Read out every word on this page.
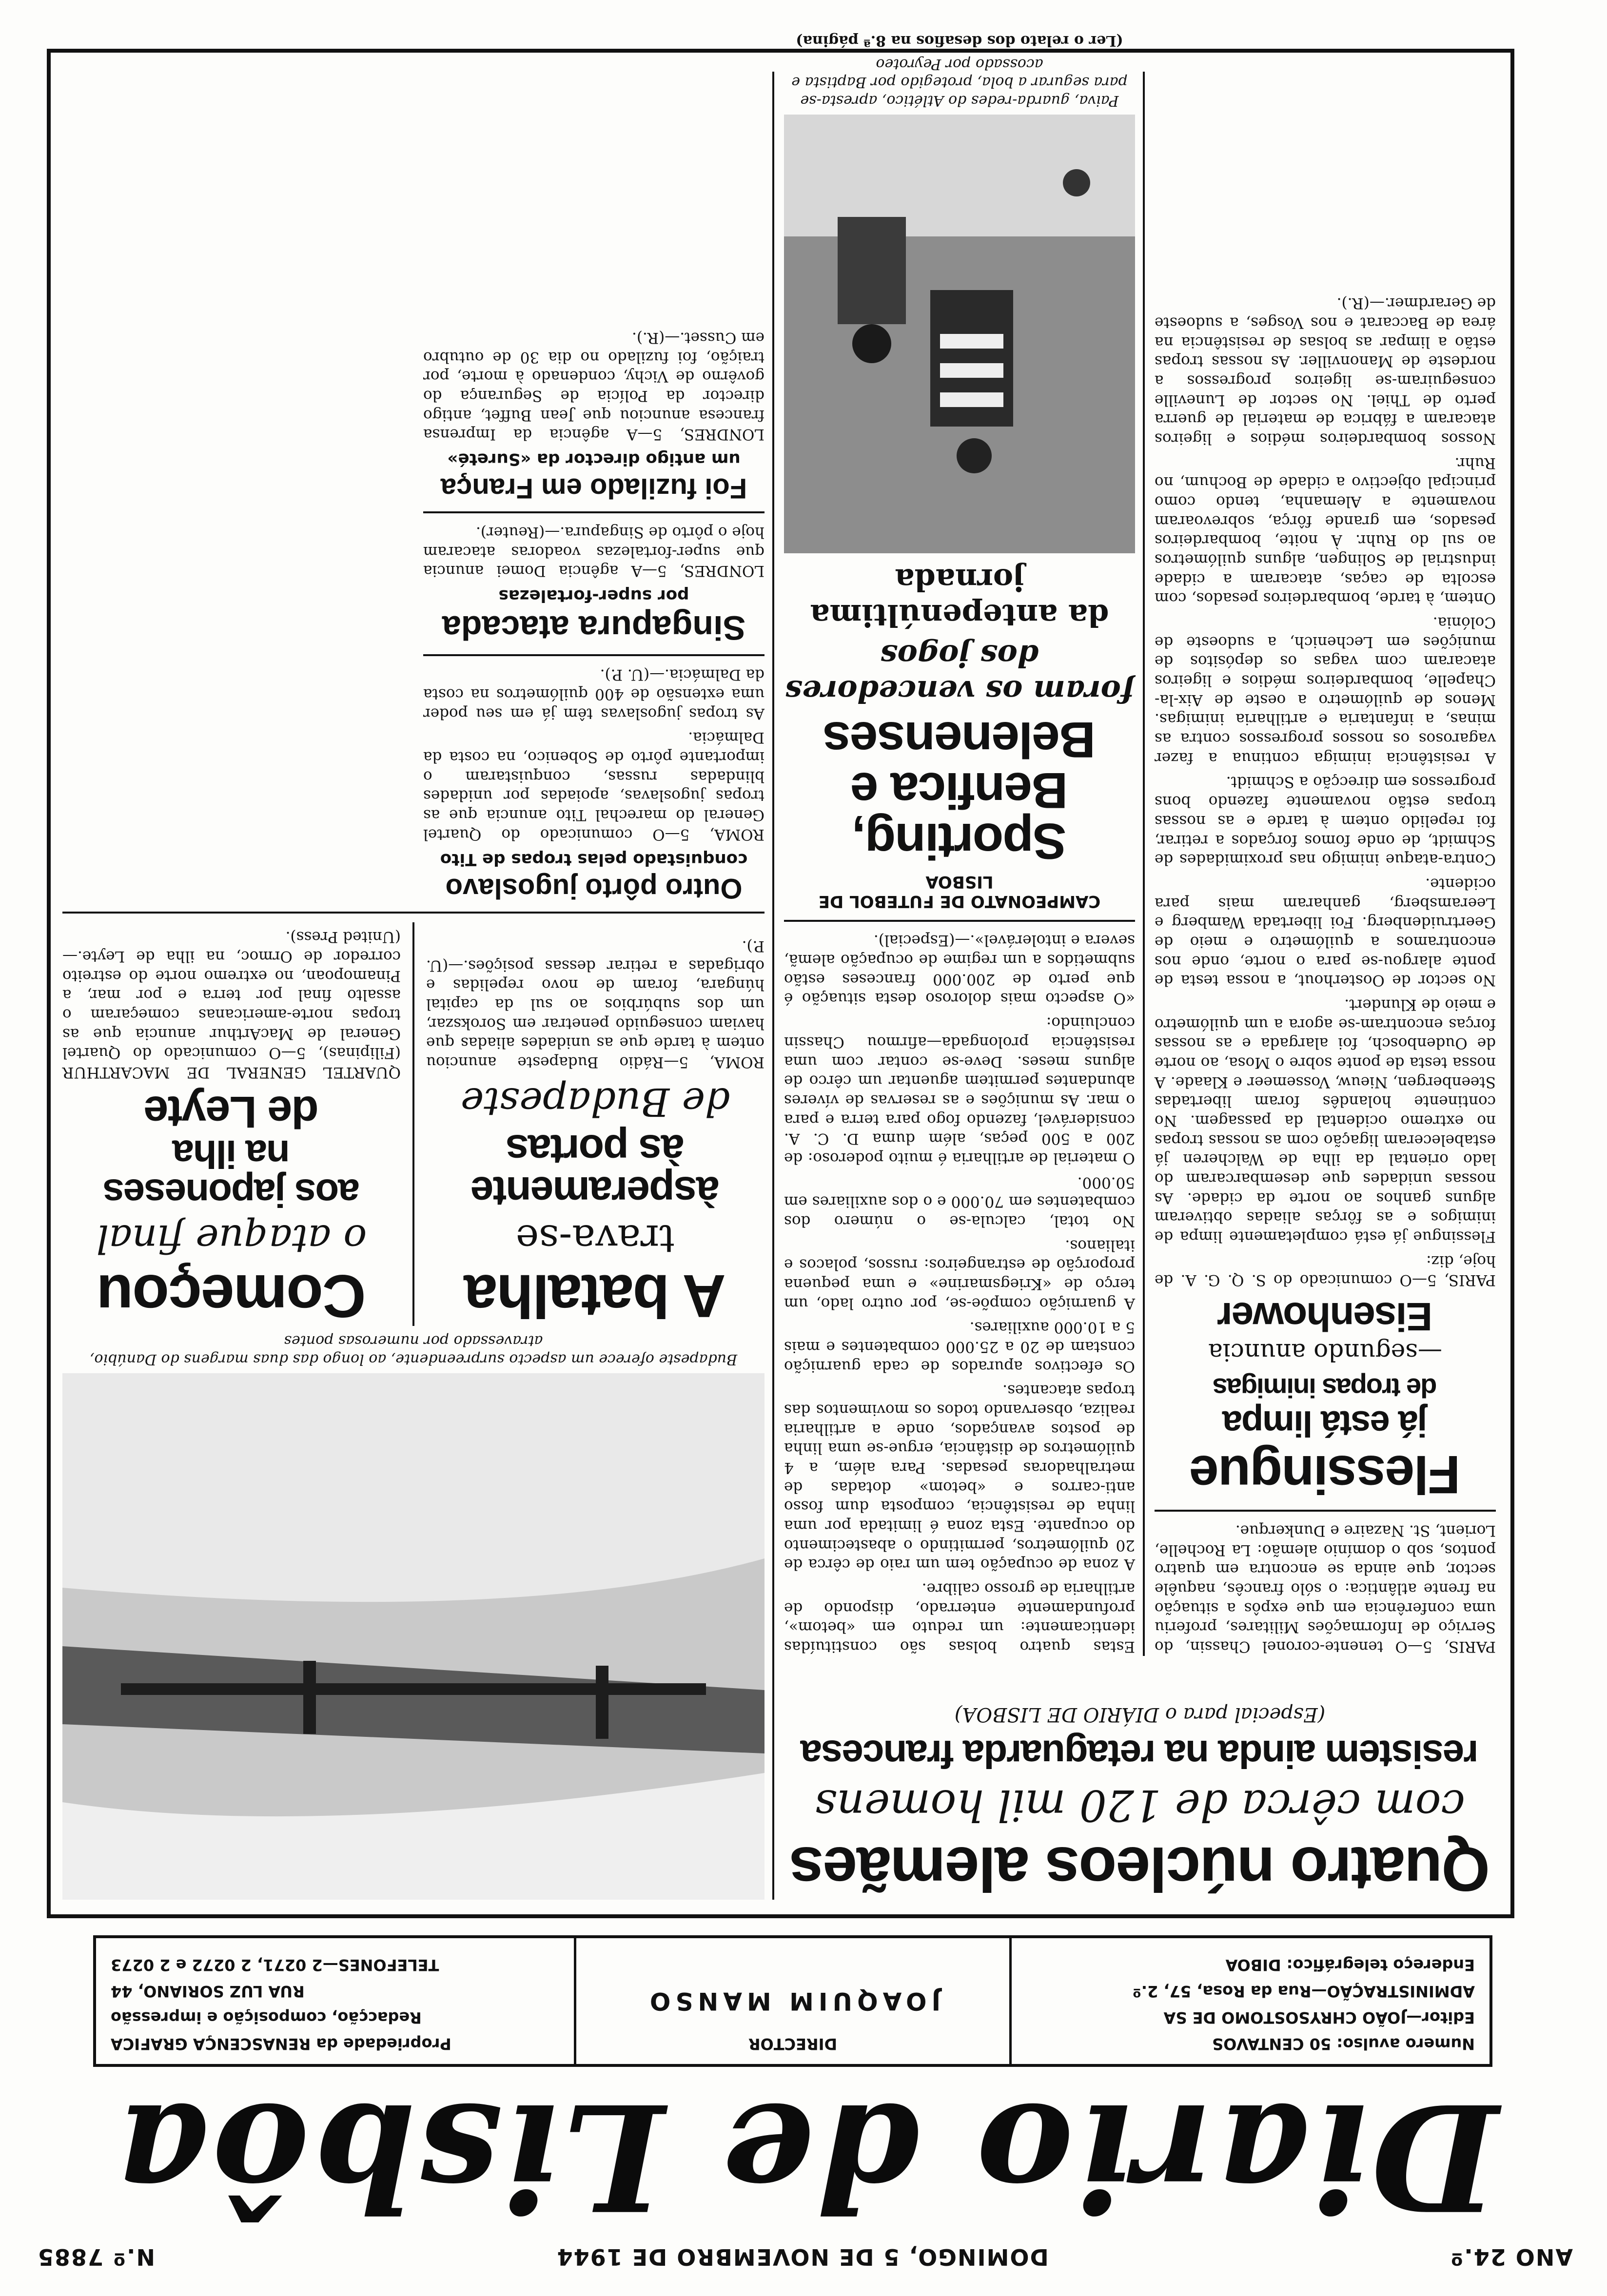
ANO 24.º
DOMINGO, 5 DE NOVEMBRO DE 1944
N.º 7885
Diario de Lisbôa

Numero avulso: 50 CENTAVOS

Editor—JOÃO CHRYSOSTOMO DE SA

ADMINISTRAÇÃO—Rua da Rosa, 57, 2.º

Endereço telegráfico: DIBOA

DIRECTOR

JOAQUIM MANSO

Propriedade da RENASCENÇA GRAFICA

Redacção, composição e impressão

RUA LUZ SORIANO, 44

TELEFONES—2 0271, 2 0272 e 2 0273

Quatro núcleos alemães

com cêrca de 120 mil homens

resistem ainda na retaguarda francesa

(Especial para o DIÁRIO DE LISBOA)

PARIS, 5—O tenente-coronel Chassin, do Serviço de Informações Militares, proferiu uma conferência em que expôs a situação na frente atlântica: o sólo francês, naquêle sector, que ainda se encontra em quatro pontos, sob o domínio alemão: La Rochelle, Lorient, St. Nazaire e Dunkerque.

Flessingue
já está limpa
de tropas inimigas

—segundo anuncia

Eisenhower

PARIS, 5—O comunicado do S. Q. G. A. de hoje, diz:

Flessingue já está completamente limpa de inimigos e as fôrças aliadas obtiveram alguns ganhos ao norte da cidade. As nossas unidades que desembarcaram do lado oriental da ilha de Walcheren já estabeleceram ligação com as nossas tropas no extremo ocidental da passagem. No continente holandês foram libertadas Steenbergen, Nieuw, Vossemeer e Klaade. A nossa testa de ponte sobre o Mosa, ao norte de Oudenbosch, foi alargada e as nossas forças encontram-se agora a um quilómetro e meio de Klundert.

No sector de Oosterhout, a nossa testa de ponte alargou-se para o norte, onde nos encontramos a quilómetro e meio de Geertruidenberg. Foi libertada Wamberg e Leeramsberg, ganharam mais para ocidente.

Contra-ataque inimigo nas proximidades de Schmidt, de onde fomos forçados a retirar, foi repelido ontem à tarde e as nossas tropas estão novamente fazendo bons progressos em direcção a Schmidt.

A resistência inimiga continua a fazer vagarosos os nossos progressos contra as minas, a infantaria e artilharia inimigas. Menos de quilómetro a oeste de Aix-la-Chapelle, bombardeiros médios e ligeiros atacaram com vagas os depósitos de munições em Lechenich, a sudoeste de Colónia.

Ontem, à tarde, bombardeiros pesados, com escolta de caças, atacaram a cidade industrial de Solingen, alguns quilómetros ao sul do Ruhr. À noite, bombardeiros pesados, em grande fôrça, sobrevoaram novamente a Alemanha, tendo como principal objectivo a cidade de Bochum, no Ruhr.

Nossos bombardeiros médios e ligeiros atacaram a fábrica de material de guerra perto de Thiel. No sector de Luneville conseguiram-se ligeiros progressos a nordeste de Manonviller. As nossas tropas estão a limpar as bolsas de resistência na área de Baccarat e nos Vosges, a sudoeste de Gerardmer.—(R.).

Estas quatro bolsas são constituídas identicamente: um reduto em «betom», profundamente enterrado, dispondo de artilharia de grosso calibre.

A zona de ocupação tem um raio de cêrca de 20 quilómetros, permitindo o abastecimento do ocupante. Esta zona é limitada por uma linha de resistência, composta dum fosso anti-carros e «betom» dotadas de metralhadoras pesadas. Para além, a 4 quilómetros de distância, ergue-se uma linha de postos avançados, onde a artilharia realiza, observando todos os movimentos das tropas atacantes.

Os efectivos apurados de cada guarnição constam de 20 a 25.000 combatentes e mais 5 a 10.000 auxiliares.

A guarnição compõe-se, por outro lado, um terço de «Kriegsmarine» e uma pequena proporção de estrangeiros: russos, polacos e italianos.

No total, calcula-se o número dos combatentes em 70.000 e o dos auxiliares em 50.000.

O material de artilharia é muito poderoso: de 200 a 500 peças, além duma D. C. A. considerável, fazendo fogo para terra e para o mar. As munições e as reservas de víveres abundantes permitem aguentar um cêrco de alguns meses. Deve-se contar com uma resistência prolongada—afirmou Chassin concluindo:

«O aspecto mais doloroso desta situação é que perto de 200.000 franceses estão submetidos a um regime de ocupação alemã, severa e intolerável».—(Especial).

CAMPEONATO DE FUTEBOL DE LISBOA

Sporting, Benfica e Belenenses

foram os vencedores dos jogos

da antepenúltima jornada

Paiva, guarda-redes do Atlético, apresta-se para segurar a bola, protegido por Baptista e acossado por Peyroteo

(Ler o relato dos desafios na 8.ª página)

Budapeste oferece um aspecto surpreendente, ao longo das duas margens do Danúbio, atravessado por numerosas pontes

A batalha

trava-se

àsperamente
às portas

de Budapeste

ROMA, 5—Rádio Budapeste anunciou ontem à tarde que as unidades aliadas que haviam conseguido penetrar em Sorokszar, um dos subúrbios ao sul da capital húngara, foram de novo repelidas e obrigadas a retirar dessas posições.—(U. P.).

Começou

o ataque final

aos japoneses
na ilha
de Leyte

QUARTEL GENERAL DE MACARTHUR (Filipinas), 5—O comunicado do Quartel General de MacArthur anuncia que as tropas norte-americanas começaram o assalto final por terra e por mar, a Pinamopoan, no extremo norte do estreito corredor de Ormoc, na ilha de Leyte.—(United Press).

Outro pôrto jugoslavo

conquistado pelas tropas de Tito

ROMA, 5—O comunicado do Quartel General do marechal Tito anuncia que as tropas jugoslavas, apoiadas por unidades blindadas russas, conquistaram o importante pôrto de Sobenico, na costa da Dalmácia.

As tropas jugoslavas têm já em seu poder uma extensão de 400 quilómetros na costa da Dalmácia.—(U. P.).

Singapura atacada

por super-fortalezas

LONDRES, 5—A agência Domei anuncia que super-fortalezas voadoras atacaram hoje o pôrto de Singapura.—(Reuter).

Foi fuzilado em França

um antigo director da «Sureté»

LONDRES, 5—A agência da Imprensa francesa anunciou que Jean Buffet, antigo director da Polícia de Segurança do govêrno de Vichy, condenado à morte, por traição, foi fuzilado no dia 30 de outubro em Cusset.—(R.).
